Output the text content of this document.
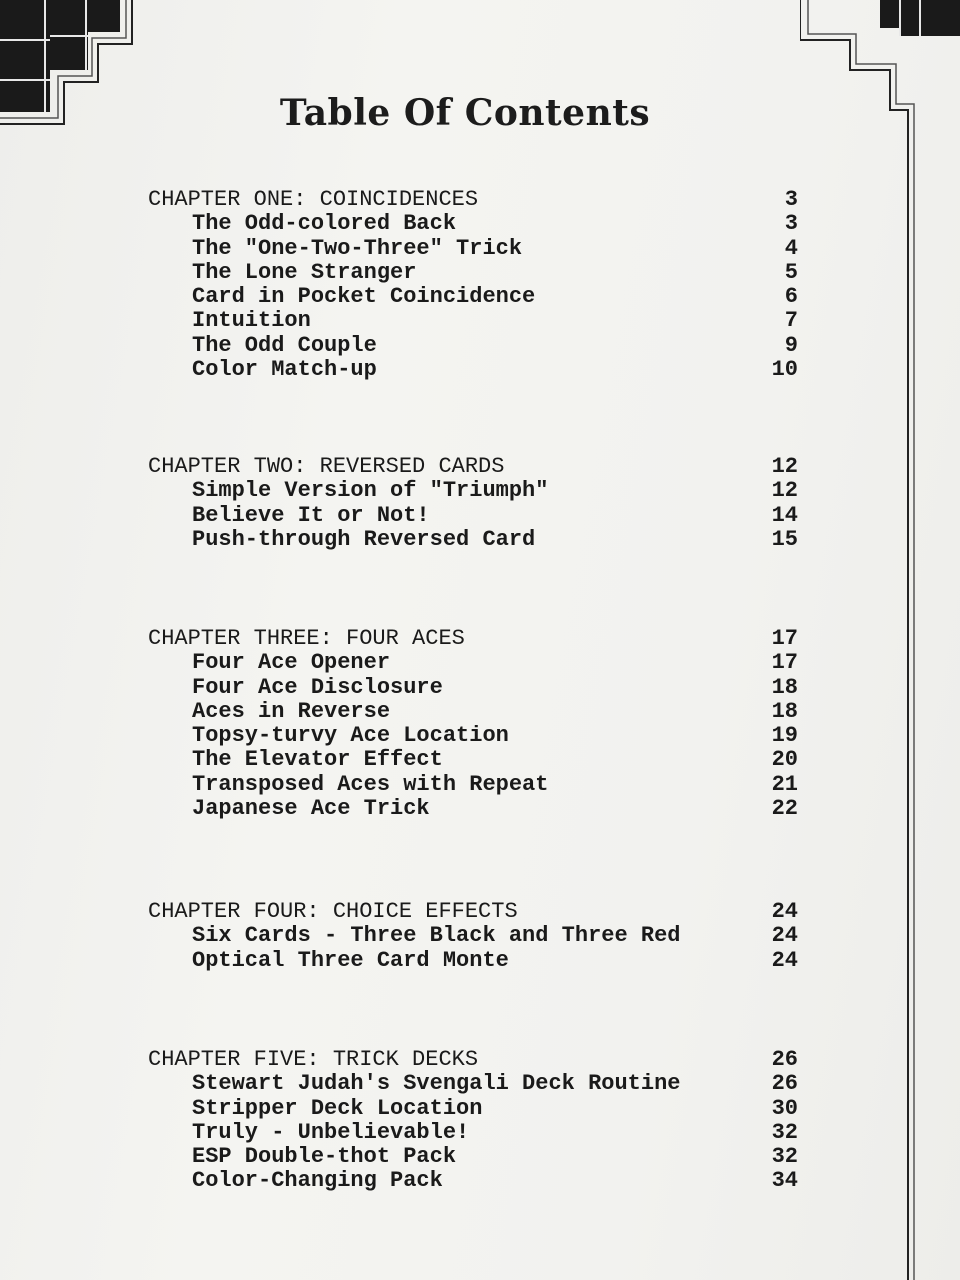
Table Of Contents
CHAPTER ONE: COINCIDENCES	3
The Odd-colored Back	3
The "One-Two-Three" Trick	4
The Lone Stranger	5
Card in Pocket Coincidence	6
Intuition	7
The Odd Couple	9
Color Match-up	10
CHAPTER TWO: REVERSED CARDS	12
Simple Version of "Triumph"	12
Believe It or Not!	14
Push-through Reversed Card	15
CHAPTER THREE: FOUR ACES	17
Four Ace Opener	17
Four Ace Disclosure	18
Aces in Reverse	18
Topsy-turvy Ace Location	19
The Elevator Effect	20
Transposed Aces with Repeat	21
Japanese Ace Trick	22
CHAPTER FOUR: CHOICE EFFECTS	24
Six Cards - Three Black and Three Red	24
Optical Three Card Monte	24
CHAPTER FIVE: TRICK DECKS	26
Stewart Judah's Svengali Deck Routine	26
Stripper Deck Location	30
Truly - Unbelievable!	32
ESP Double-thot Pack	32
Color-Changing Pack	34
